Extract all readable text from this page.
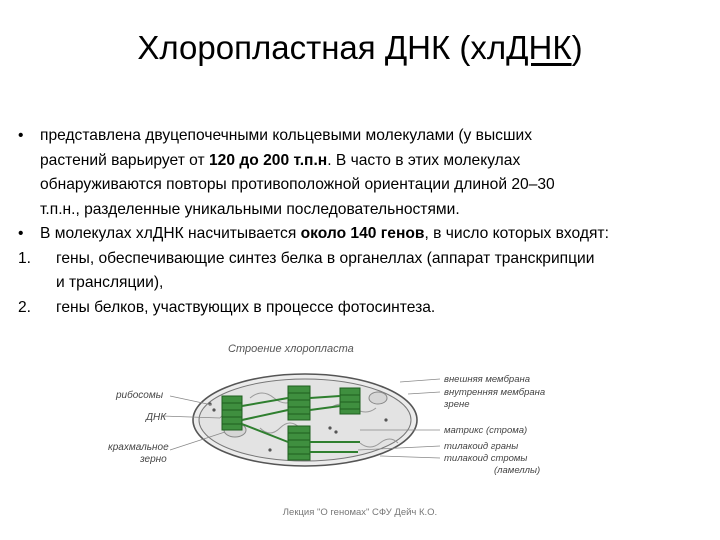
Хлоропластная ДНК (хлДНК)
•	представлена двуцепочечными кольцевыми молекулами (у высших
растений варьирует от 120 до 200 т.п.н. В часто в этих молекулах
обнаруживаются повторы противоположной ориентации длиной 20–30
т.п.н., разделенные уникальными последовательностями.
•	В молекулах хлДНК насчитывается около 140 генов, в число которых входят:
1.	гены, обеспечивающие синтез белка в органеллах (аппарат транскрипции
и трансляции),
2.	гены белков, участвующих в процессе фотосинтеза.
Строение хлоропласта
рибосомы
ДНК
крахмальное
зерно
внешняя мембрана
внутренняя мембрана
зрене
матрикс (строма)
тилакоид граны
тилакоид стромы
(ламеллы)
Лекция "О геномах" СФУ Дейч К.О.
